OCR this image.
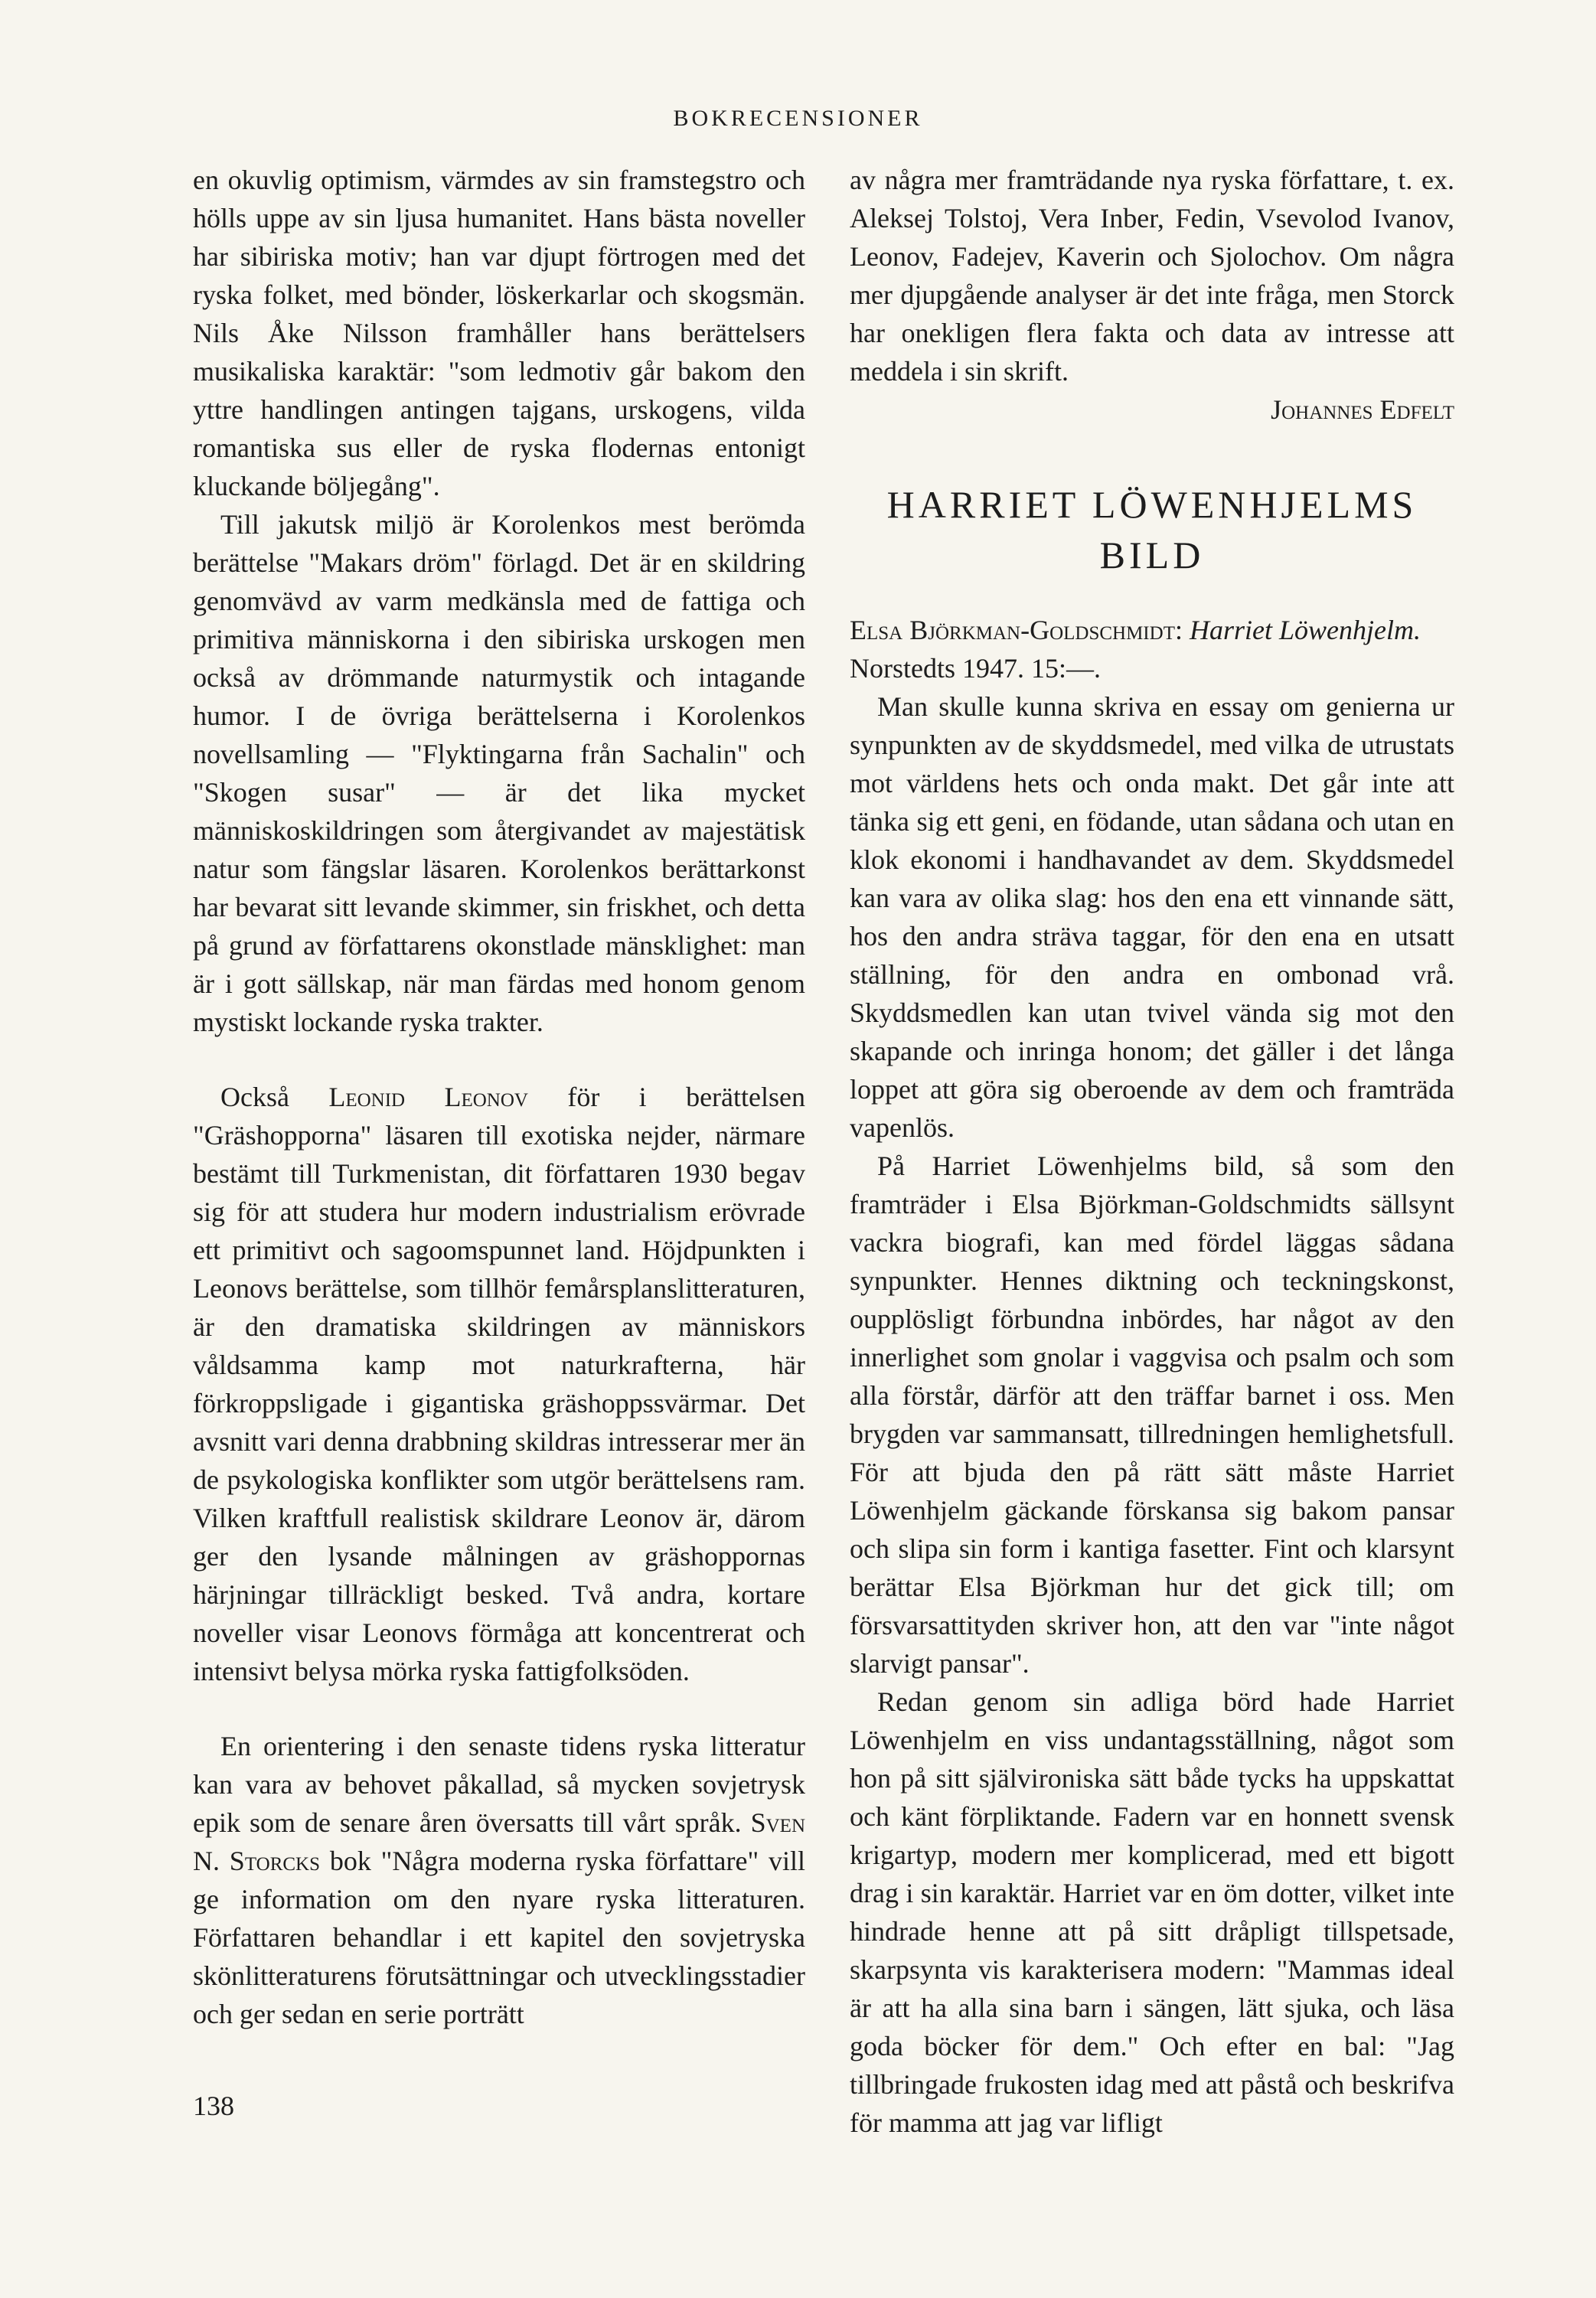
BOKRECENSIONER

en okuvlig optimism, värmdes av sin framstegstro och hölls uppe av sin ljusa humanitet. Hans bästa noveller har sibiriska motiv; han var djupt förtrogen med det ryska folket, med bönder, löskerkarlar och skogsmän. Nils Åke Nilsson framhåller hans berättelsers musikaliska karaktär: "som ledmotiv går bakom den yttre handlingen antingen tajgans, urskogens, vilda romantiska sus eller de ryska flodernas entonigt kluckande böljegång".

Till jakutsk miljö är Korolenkos mest berömda berättelse "Makars dröm" förlagd. Det är en skildring genomvävd av varm medkänsla med de fattiga och primitiva människorna i den sibiriska urskogen men också av drömmande naturmystik och intagande humor. I de övriga berättelserna i Korolenkos novellsamling — "Flyktingarna från Sachalin" och "Skogen susar" — är det lika mycket människoskildringen som återgivandet av majestätisk natur som fängslar läsaren. Korolenkos berättarkonst har bevarat sitt levande skimmer, sin friskhet, och detta på grund av författarens okonstlade mänsklighet: man är i gott sällskap, när man färdas med honom genom mystiskt lockande ryska trakter.

Också Leonid Leonov för i berättelsen "Gräshopporna" läsaren till exotiska nejder, närmare bestämt till Turkmenistan, dit författaren 1930 begav sig för att studera hur modern industrialism erövrade ett primitivt och sagoomspunnet land. Höjdpunkten i Leonovs berättelse, som tillhör femårsplanslitteraturen, är den dramatiska skildringen av människors våldsamma kamp mot naturkrafterna, här förkroppsligade i gigantiska gräshoppssvärmar. Det avsnitt vari denna drabbning skildras intresserar mer än de psykologiska konflikter som utgör berättelsens ram. Vilken kraftfull realistisk skildrare Leonov är, därom ger den lysande målningen av gräshoppornas härjningar tillräckligt besked. Två andra, kortare noveller visar Leonovs förmåga att koncentrerat och intensivt belysa mörka ryska fattigfolksöden.

En orientering i den senaste tidens ryska litteratur kan vara av behovet påkallad, så mycken sovjetrysk epik som de senare åren översatts till vårt språk. Sven N. Storcks bok "Några moderna ryska författare" vill ge information om den nyare ryska litteraturen. Författaren behandlar i ett kapitel den sovjetryska skönlitteraturens förutsättningar och utvecklingsstadier och ger sedan en serie porträtt

av några mer framträdande nya ryska författare, t. ex. Aleksej Tolstoj, Vera Inber, Fedin, Vsevolod Ivanov, Leonov, Fadejev, Kaverin och Sjolochov. Om några mer djupgående analyser är det inte fråga, men Storck har onekligen flera fakta och data av intresse att meddela i sin skrift.

Johannes Edfelt
HARRIET LÖWENHJELMS BILD

Elsa Björkman-Goldschmidt: Harriet Löwenhjelm. Norstedts 1947. 15:—.

Man skulle kunna skriva en essay om genierna ur synpunkten av de skyddsmedel, med vilka de utrustats mot världens hets och onda makt. Det går inte att tänka sig ett geni, en födande, utan sådana och utan en klok ekonomi i handhavandet av dem. Skyddsmedel kan vara av olika slag: hos den ena ett vinnande sätt, hos den andra sträva taggar, för den ena en utsatt ställning, för den andra en ombonad vrå. Skyddsmedlen kan utan tvivel vända sig mot den skapande och inringa honom; det gäller i det långa loppet att göra sig oberoende av dem och framträda vapenlös.

På Harriet Löwenhjelms bild, så som den framträder i Elsa Björkman-Goldschmidts sällsynt vackra biografi, kan med fördel läggas sådana synpunkter. Hennes diktning och teckningskonst, oupplösligt förbundna inbördes, har något av den innerlighet som gnolar i vaggvisa och psalm och som alla förstår, därför att den träffar barnet i oss. Men brygden var sammansatt, tillredningen hemlighetsfull. För att bjuda den på rätt sätt måste Harriet Löwenhjelm gäckande förskansa sig bakom pansar och slipa sin form i kantiga fasetter. Fint och klarsynt berättar Elsa Björkman hur det gick till; om försvarsattityden skriver hon, att den var "inte något slarvigt pansar".

Redan genom sin adliga börd hade Harriet Löwenhjelm en viss undantagsställning, något som hon på sitt självironiska sätt både tycks ha uppskattat och känt förpliktande. Fadern var en honnett svensk krigartyp, modern mer komplicerad, med ett bigott drag i sin karaktär. Harriet var en öm dotter, vilket inte hindrade henne att på sitt dråpligt tillspetsade, skarpsynta vis karakterisera modern: "Mammas ideal är att ha alla sina barn i sängen, lätt sjuka, och läsa goda böcker för dem." Och efter en bal: "Jag tillbringade frukosten idag med att påstå och beskrifva för mamma att jag var lifligt

138
